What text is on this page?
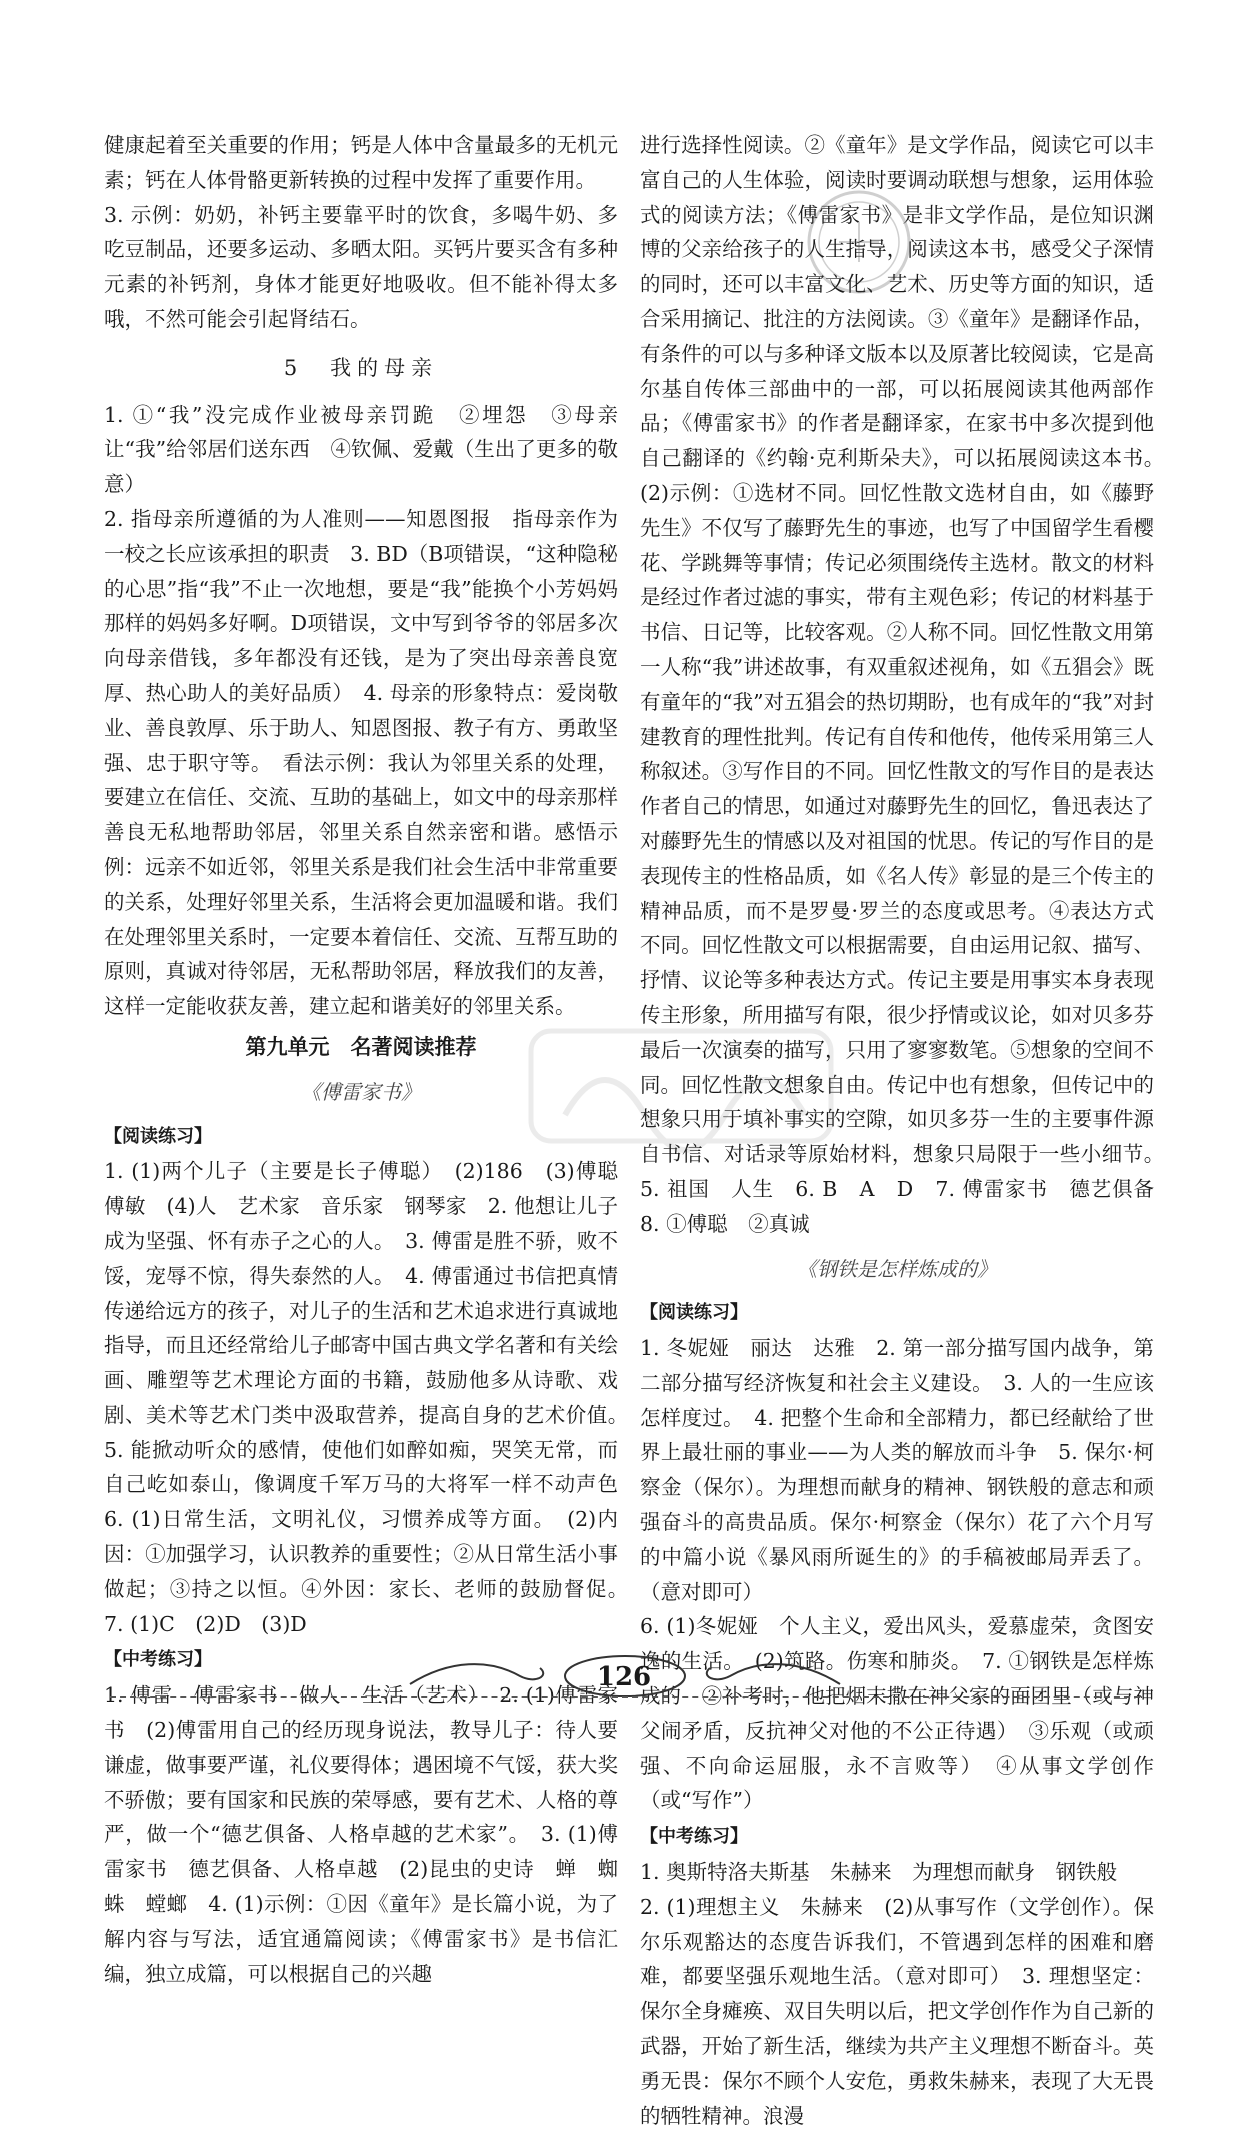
健康起着至关重要的作用；钙是人体中含量最多的无机元素；钙在人体骨骼更新转换的过程中发挥了重要作用。

3. 示例：奶奶，补钙主要靠平时的饮食，多喝牛奶、多吃豆制品，还要多运动、多晒太阳。买钙片要买含有多种元素的补钙剂，身体才能更好地吸收。但不能补得太多哦，不然可能会引起肾结石。

5　我的母亲

1. ①“我”没完成作业被母亲罚跪　②埋怨　③母亲让“我”给邻居们送东西　④钦佩、爱戴（生出了更多的敬意）

2. 指母亲所遵循的为人准则——知恩图报　指母亲作为一校之长应该承担的职责　3. BD（B项错误，“这种隐秘的心思”指“我”不止一次地想，要是“我”能换个小芳妈妈那样的妈妈多好啊。D项错误，文中写到爷爷的邻居多次向母亲借钱，多年都没有还钱，是为了突出母亲善良宽厚、热心助人的美好品质）　4. 母亲的形象特点：爱岗敬业、善良敦厚、乐于助人、知恩图报、教子有方、勇敢坚强、忠于职守等。　看法示例：我认为邻里关系的处理，要建立在信任、交流、互助的基础上，如文中的母亲那样善良无私地帮助邻居，邻里关系自然亲密和谐。感悟示例：远亲不如近邻，邻里关系是我们社会生活中非常重要的关系，处理好邻里关系，生活将会更加温暖和谐。我们在处理邻里关系时，一定要本着信任、交流、互帮互助的原则，真诚对待邻居，无私帮助邻居，释放我们的友善，这样一定能收获友善，建立起和谐美好的邻里关系。

第九单元　名著阅读推荐
《傅雷家书》
【阅读练习】

1. (1)两个儿子（主要是长子傅聪）　(2)186　(3)傅聪　傅敏　(4)人　艺术家　音乐家　钢琴家　2. 他想让儿子成为坚强、怀有赤子之心的人。　3. 傅雷是胜不骄，败不馁，宠辱不惊，得失泰然的人。　4. 傅雷通过书信把真情传递给远方的孩子，对儿子的生活和艺术追求进行真诚地指导，而且还经常给儿子邮寄中国古典文学名著和有关绘画、雕塑等艺术理论方面的书籍，鼓励他多从诗歌、戏剧、美术等艺术门类中汲取营养，提高自身的艺术价值。　5. 能掀动听众的感情，使他们如醉如痴，哭笑无常，而自己屹如泰山，像调度千军万马的大将军一样不动声色　6. (1)日常生活，文明礼仪，习惯养成等方面。　(2)内因：①加强学习，认识教养的重要性；②从日常生活小事做起；③持之以恒。④外因：家长、老师的鼓励督促。　7. (1)C　(2)D　(3)D

【中考练习】

1. 傅雷　傅雷家书　做人　生活（艺术）　2. (1)傅雷家书　(2)傅雷用自己的经历现身说法，教导儿子：待人要谦虚，做事要严谨，礼仪要得体；遇困境不气馁，获大奖不骄傲；要有国家和民族的荣辱感，要有艺术、人格的尊严，做一个“德艺俱备、人格卓越的艺术家”。　3. (1)傅雷家书　德艺俱备、人格卓越　(2)昆虫的史诗　蝉　蜘蛛　螳螂　4. (1)示例：①因《童年》是长篇小说，为了解内容与写法，适宜通篇阅读；《傅雷家书》是书信汇编，独立成篇，可以根据自己的兴趣

进行选择性阅读。②《童年》是文学作品，阅读它可以丰富自己的人生体验，阅读时要调动联想与想象，运用体验式的阅读方法；《傅雷家书》是非文学作品，是位知识渊博的父亲给孩子的人生指导，阅读这本书，感受父子深情的同时，还可以丰富文化、艺术、历史等方面的知识，适合采用摘记、批注的方法阅读。③《童年》是翻译作品，有条件的可以与多种译文版本以及原著比较阅读，它是高尔基自传体三部曲中的一部，可以拓展阅读其他两部作品；《傅雷家书》的作者是翻译家，在家书中多次提到他自己翻译的《约翰·克利斯朵夫》，可以拓展阅读这本书。　(2)示例：①选材不同。回忆性散文选材自由，如《藤野先生》不仅写了藤野先生的事迹，也写了中国留学生看樱花、学跳舞等事情；传记必须围绕传主选材。散文的材料是经过作者过滤的事实，带有主观色彩；传记的材料基于书信、日记等，比较客观。②人称不同。回忆性散文用第一人称“我”讲述故事，有双重叙述视角，如《五猖会》既有童年的“我”对五猖会的热切期盼，也有成年的“我”对封建教育的理性批判。传记有自传和他传，他传采用第三人称叙述。③写作目的不同。回忆性散文的写作目的是表达作者自己的情思，如通过对藤野先生的回忆，鲁迅表达了对藤野先生的情感以及对祖国的忧思。传记的写作目的是表现传主的性格品质，如《名人传》彰显的是三个传主的精神品质，而不是罗曼·罗兰的态度或思考。④表达方式不同。回忆性散文可以根据需要，自由运用记叙、描写、抒情、议论等多种表达方式。传记主要是用事实本身表现传主形象，所用描写有限，很少抒情或议论，如对贝多芬最后一次演奏的描写，只用了寥寥数笔。⑤想象的空间不同。回忆性散文想象自由。传记中也有想象，但传记中的想象只用于填补事实的空隙，如贝多芬一生的主要事件源自书信、对话录等原始材料，想象只局限于一些小细节。　5. 祖国　人生　6. B　A　D　7. 傅雷家书　德艺俱备　8. ①傅聪　②真诚

《钢铁是怎样炼成的》
【阅读练习】

1. 冬妮娅　丽达　达雅　2. 第一部分描写国内战争，第二部分描写经济恢复和社会主义建设。　3. 人的一生应该怎样度过。　4. 把整个生命和全部精力，都已经献给了世界上最壮丽的事业——为人类的解放而斗争　5. 保尔·柯察金（保尔）。为理想而献身的精神、钢铁般的意志和顽强奋斗的高贵品质。保尔·柯察金（保尔）花了六个月写的中篇小说《暴风雨所诞生的》的手稿被邮局弄丢了。（意对即可）

6. (1)冬妮娅　个人主义，爱出风头，爱慕虚荣，贪图安逸的生活。　(2)筑路。伤寒和肺炎。　7. ①钢铁是怎样炼成的　②补考时，他把烟末撒在神父家的面团里（或与神父闹矛盾，反抗神父对他的不公正待遇）　③乐观（或顽强、不向命运屈服，永不言败等）　④从事文学创作（或“写作”）

【中考练习】

1. 奥斯特洛夫斯基　朱赫来　为理想而献身　钢铁般

2. (1)理想主义　朱赫来　(2)从事写作（文学创作）。保尔乐观豁达的态度告诉我们，不管遇到怎样的困难和磨难，都要坚强乐观地生活。（意对即可）　3. 理想坚定：保尔全身瘫痪、双目失明以后，把文学创作作为自己新的武器，开始了新生活，继续为共产主义理想不断奋斗。英勇无畏：保尔不顾个人安危，勇救朱赫来，表现了大无畏的牺牲精神。浪漫

126
